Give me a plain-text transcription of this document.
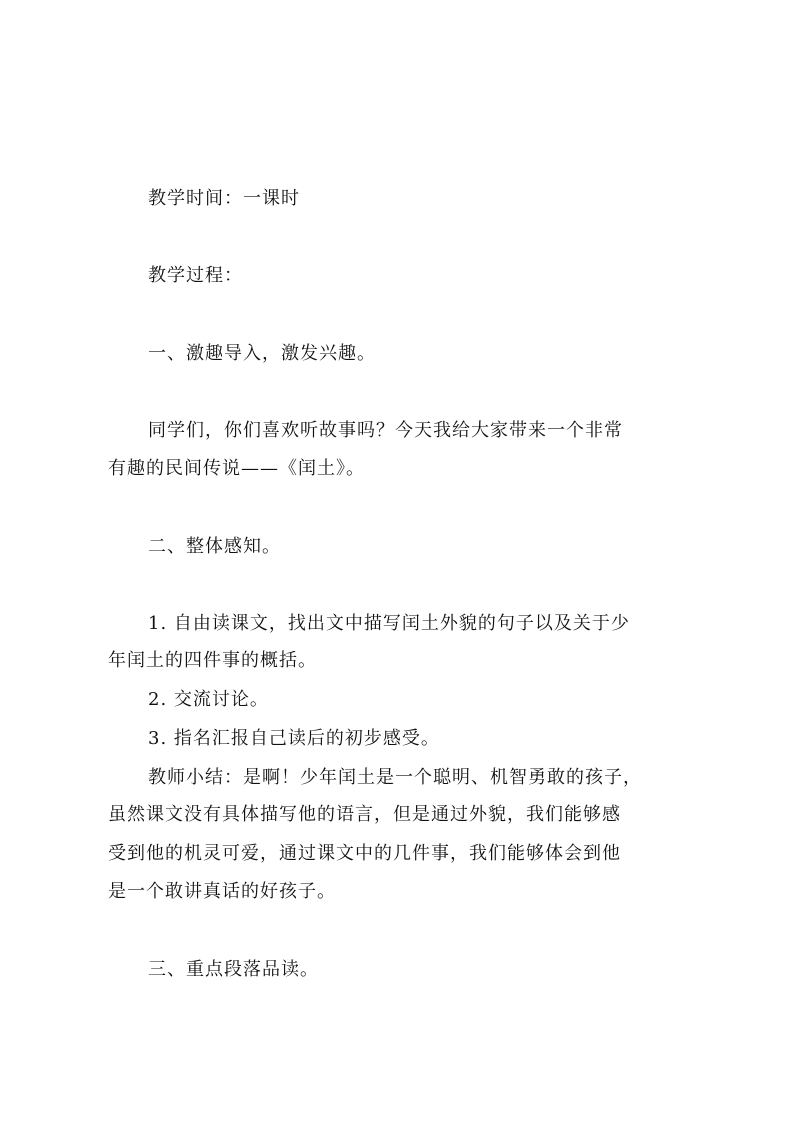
教学时间：一课时
教学过程：
一、激趣导入，激发兴趣。
同学们，你们喜欢听故事吗？今天我给大家带来一个非常
有趣的民间传说——《闰土》。
二、整体感知。
1. 自由读课文，找出文中描写闰土外貌的句子以及关于少
年闰土的四件事的概括。
2. 交流讨论。
3. 指名汇报自己读后的初步感受。
教师小结：是啊！少年闰土是一个聪明、机智勇敢的孩子，
虽然课文没有具体描写他的语言，但是通过外貌，我们能够感
受到他的机灵可爱，通过课文中的几件事，我们能够体会到他
是一个敢讲真话的好孩子。
三、重点段落品读。
